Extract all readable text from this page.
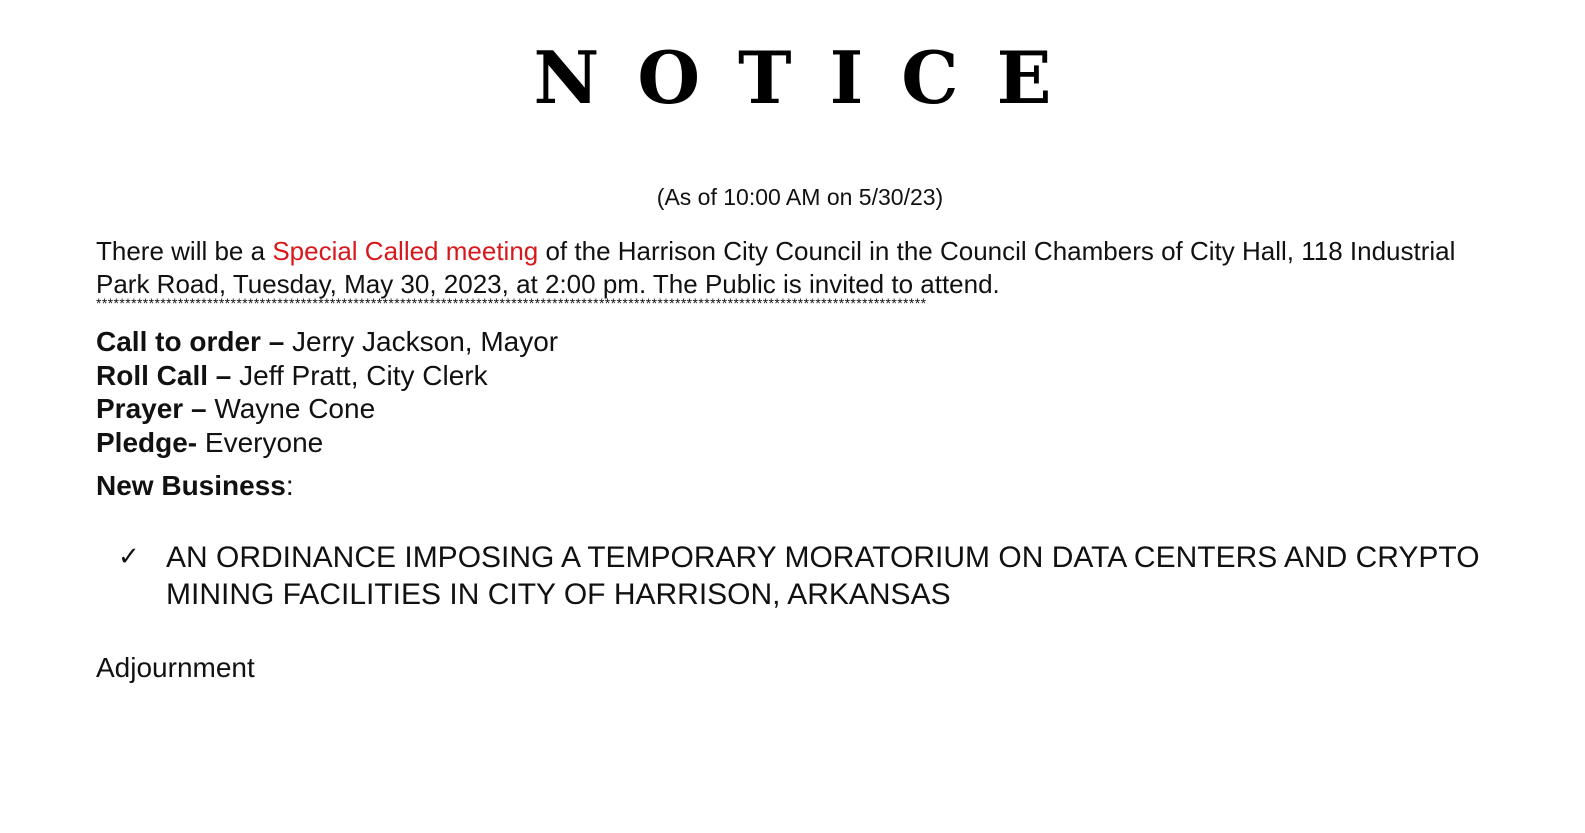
NOTICE
(As of 10:00 AM on 5/30/23)
There will be a Special Called meeting of the Harrison City Council in the Council Chambers of City Hall, 118 Industrial Park Road, Tuesday, May 30, 2023, at 2:00 pm. The Public is invited to attend.
**********************************************************************************************************************************************
Call to order – Jerry Jackson, Mayor
Roll Call – Jeff Pratt, City Clerk
Prayer – Wayne Cone
Pledge- Everyone
New Business:
✓ AN ORDINANCE IMPOSING A TEMPORARY MORATORIUM ON DATA CENTERS AND CRYPTO MINING FACILITIES IN CITY OF HARRISON, ARKANSAS
Adjournment
